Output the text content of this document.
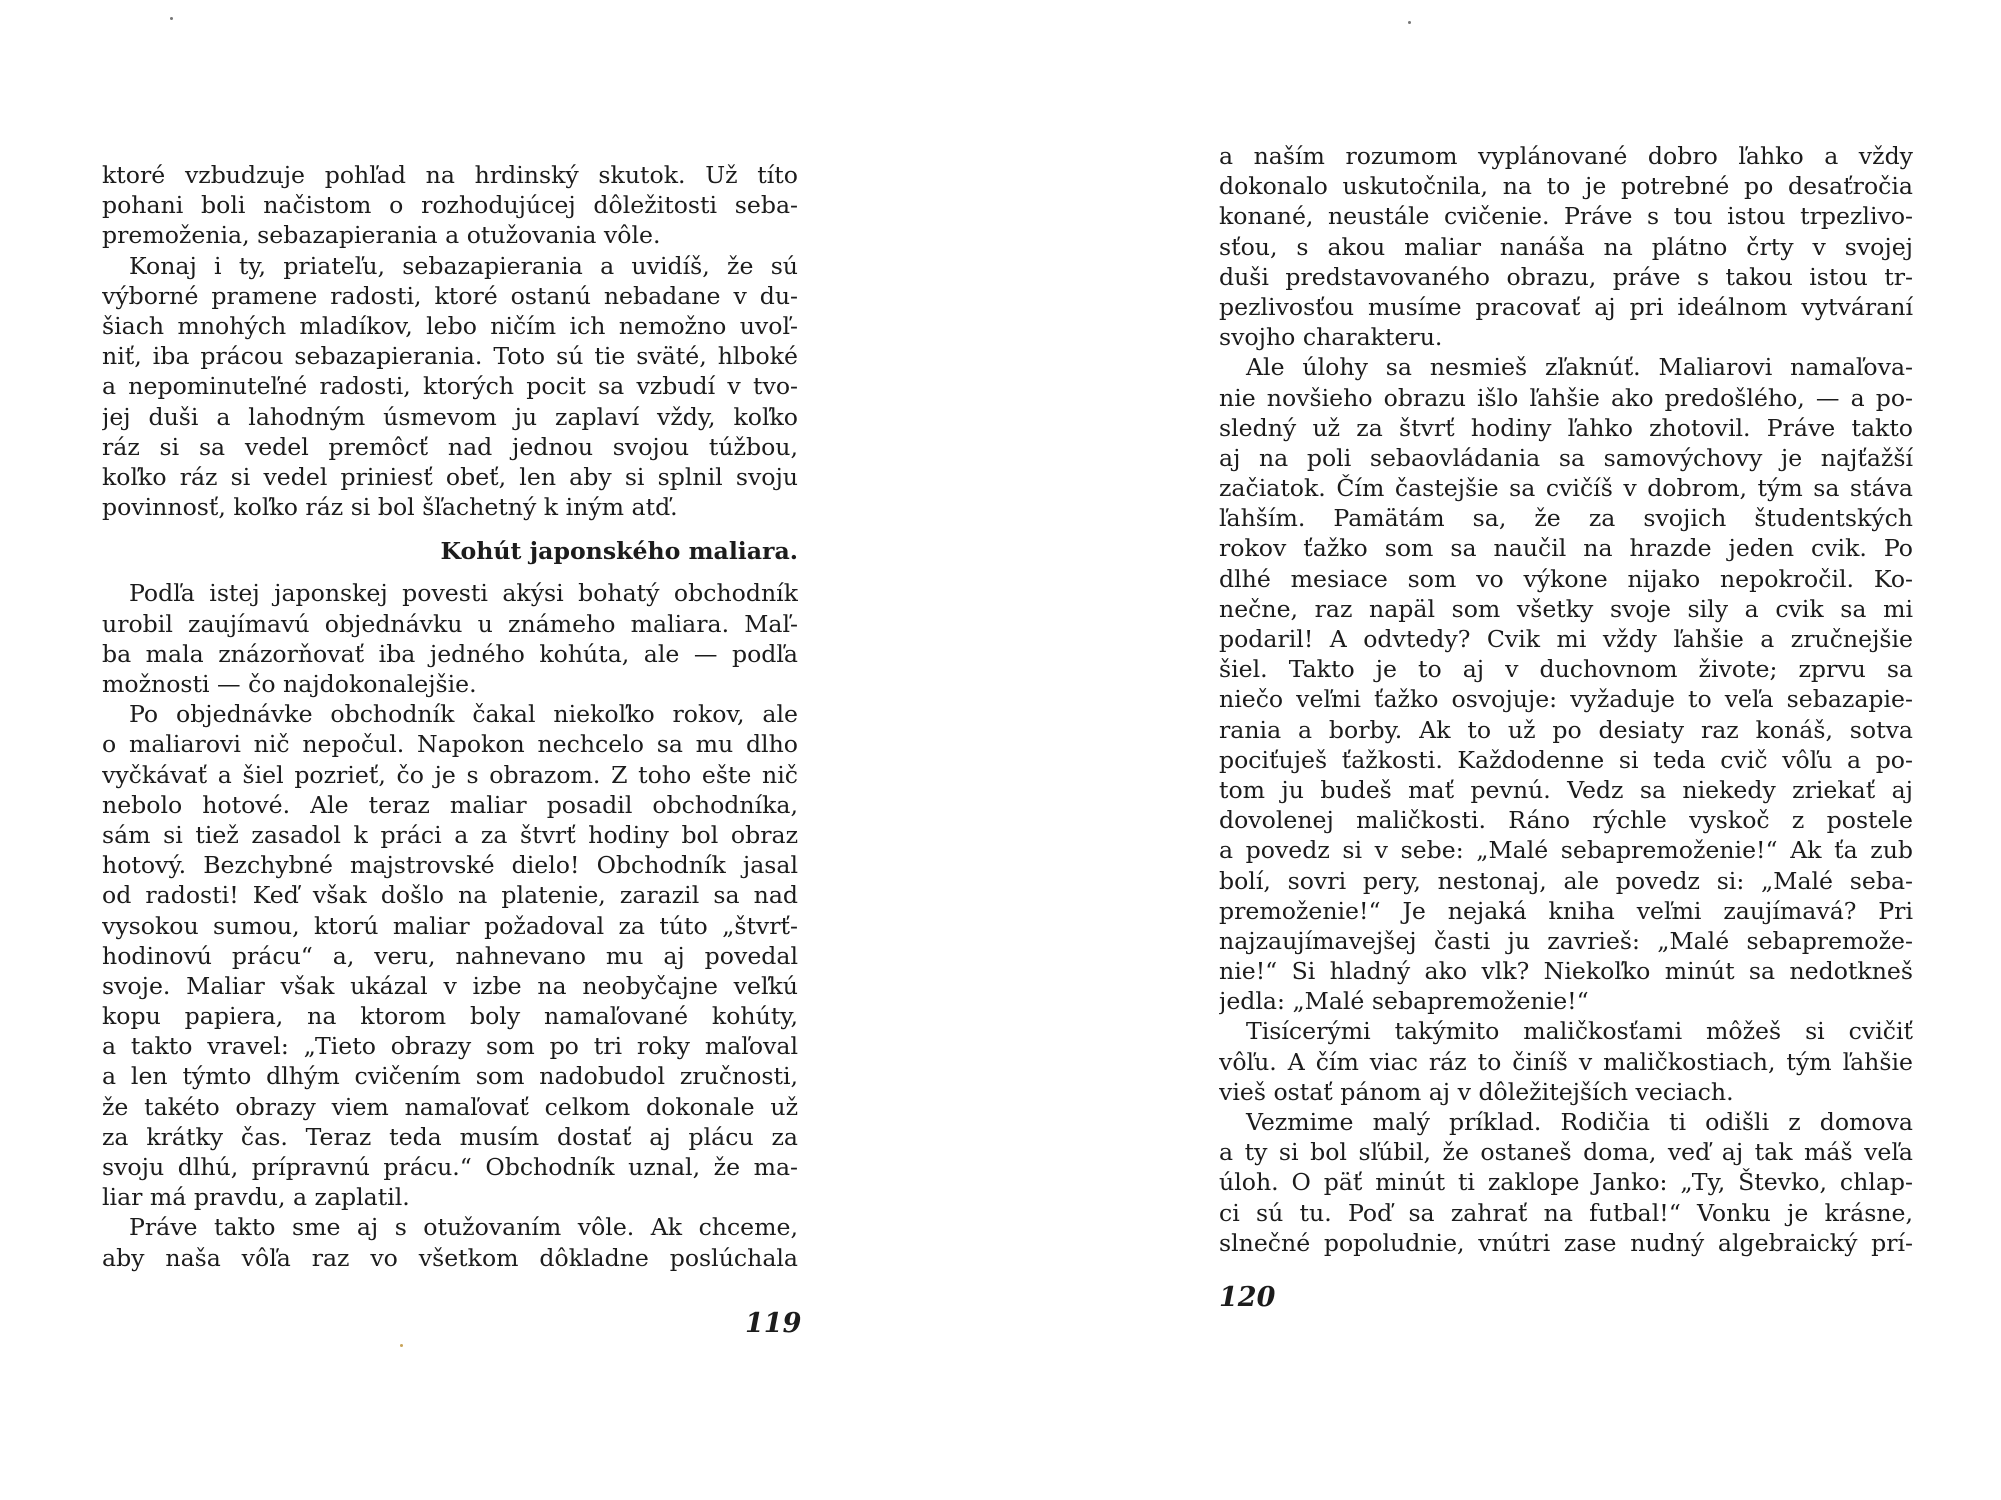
ktoré vzbudzuje pohľad na hrdinský skutok. Už títo
pohani boli načistom o rozhodujúcej dôležitosti seba-
premoženia, sebazapierania a otužovania vôle.
Konaj i ty, priateľu, sebazapierania a uvidíš, že sú
výborné pramene radosti, ktoré ostanú nebadane v du-
šiach mnohých mladíkov, lebo ničím ich nemožno uvoľ-
niť, iba prácou sebazapierania. Toto sú tie sväté, hlboké
a nepominuteľné radosti, ktorých pocit sa vzbudí v tvo-
jej duši a lahodným úsmevom ju zaplaví vždy, koľko
ráz si sa vedel premôcť nad jednou svojou túžbou,
koľko ráz si vedel priniesť obeť, len aby si splnil svoju
povinnosť, koľko ráz si bol šľachetný k iným atď.
Kohút japonského maliara.
Podľa istej japonskej povesti akýsi bohatý obchodník
urobil zaujímavú objednávku u známeho maliara. Maľ-
ba mala znázorňovať iba jedného kohúta, ale — podľa
možnosti — čo najdokonalejšie.
Po objednávke obchodník čakal niekoľko rokov, ale
o maliarovi nič nepočul. Napokon nechcelo sa mu dlho
vyčkávať a šiel pozrieť, čo je s obrazom. Z toho ešte nič
nebolo hotové. Ale teraz maliar posadil obchodníka,
sám si tiež zasadol k práci a za štvrť hodiny bol obraz
hotový. Bezchybné majstrovské dielo! Obchodník jasal
od radosti! Keď však došlo na platenie, zarazil sa nad
vysokou sumou, ktorú maliar požadoval za túto „štvrť-
hodinovú prácu“ a, veru, nahnevano mu aj povedal
svoje. Maliar však ukázal v izbe na neobyčajne veľkú
kopu papiera, na ktorom boly namaľované kohúty,
a takto vravel: „Tieto obrazy som po tri roky maľoval
a len týmto dlhým cvičením som nadobudol zručnosti,
že takéto obrazy viem namaľovať celkom dokonale už
za krátky čas. Teraz teda musím dostať aj plácu za
svoju dlhú, prípravnú prácu.“ Obchodník uznal, že ma-
liar má pravdu, a zaplatil.
Práve takto sme aj s otužovaním vôle. Ak chceme,
aby naša vôľa raz vo všetkom dôkladne poslúchala
119
a naším rozumom vyplánované dobro ľahko a vždy
dokonalo uskutočnila, na to je potrebné po desaťročia
konané, neustále cvičenie. Práve s tou istou trpezlivo-
sťou, s akou maliar nanáša na plátno črty v svojej
duši predstavovaného obrazu, práve s takou istou tr-
pezlivosťou musíme pracovať aj pri ideálnom vytváraní
svojho charakteru.
Ale úlohy sa nesmieš zľaknúť. Maliarovi namaľova-
nie novšieho obrazu išlo ľahšie ako predošlého, — a po-
sledný už za štvrť hodiny ľahko zhotovil. Práve takto
aj na poli sebaovládania sa samovýchovy je najťažší
začiatok. Čím častejšie sa cvičíš v dobrom, tým sa stáva
ľahším. Pamätám sa, že za svojich študentských
rokov ťažko som sa naučil na hrazde jeden cvik. Po
dlhé mesiace som vo výkone nijako nepokročil. Ko-
nečne, raz napäl som všetky svoje sily a cvik sa mi
podaril! A odvtedy? Cvik mi vždy ľahšie a zručnejšie
šiel. Takto je to aj v duchovnom živote; zprvu sa
niečo veľmi ťažko osvojuje: vyžaduje to veľa sebazapie-
rania a borby. Ak to už po desiaty raz konáš, sotva
pociťuješ ťažkosti. Každodenne si teda cvič vôľu a po-
tom ju budeš mať pevnú. Vedz sa niekedy zriekať aj
dovolenej maličkosti. Ráno rýchle vyskoč z postele
a povedz si v sebe: „Malé sebapremoženie!“ Ak ťa zub
bolí, sovri pery, nestonaj, ale povedz si: „Malé seba-
premoženie!“ Je nejaká kniha veľmi zaujímavá? Pri
najzaujímavejšej časti ju zavrieš: „Malé sebapremože-
nie!“ Si hladný ako vlk? Niekoľko minút sa nedotkneš
jedla: „Malé sebapremoženie!“
Tisícerými takýmito maličkosťami môžeš si cvičiť
vôľu. A čím viac ráz to činíš v maličkostiach, tým ľahšie
vieš ostať pánom aj v dôležitejších veciach.
Vezmime malý príklad. Rodičia ti odišli z domova
a ty si bol sľúbil, že ostaneš doma, veď aj tak máš veľa
úloh. O päť minút ti zaklope Janko: „Ty, Števko, chlap-
ci sú tu. Poď sa zahrať na futbal!“ Vonku je krásne,
slnečné popoludnie, vnútri zase nudný algebraický prí-
120
